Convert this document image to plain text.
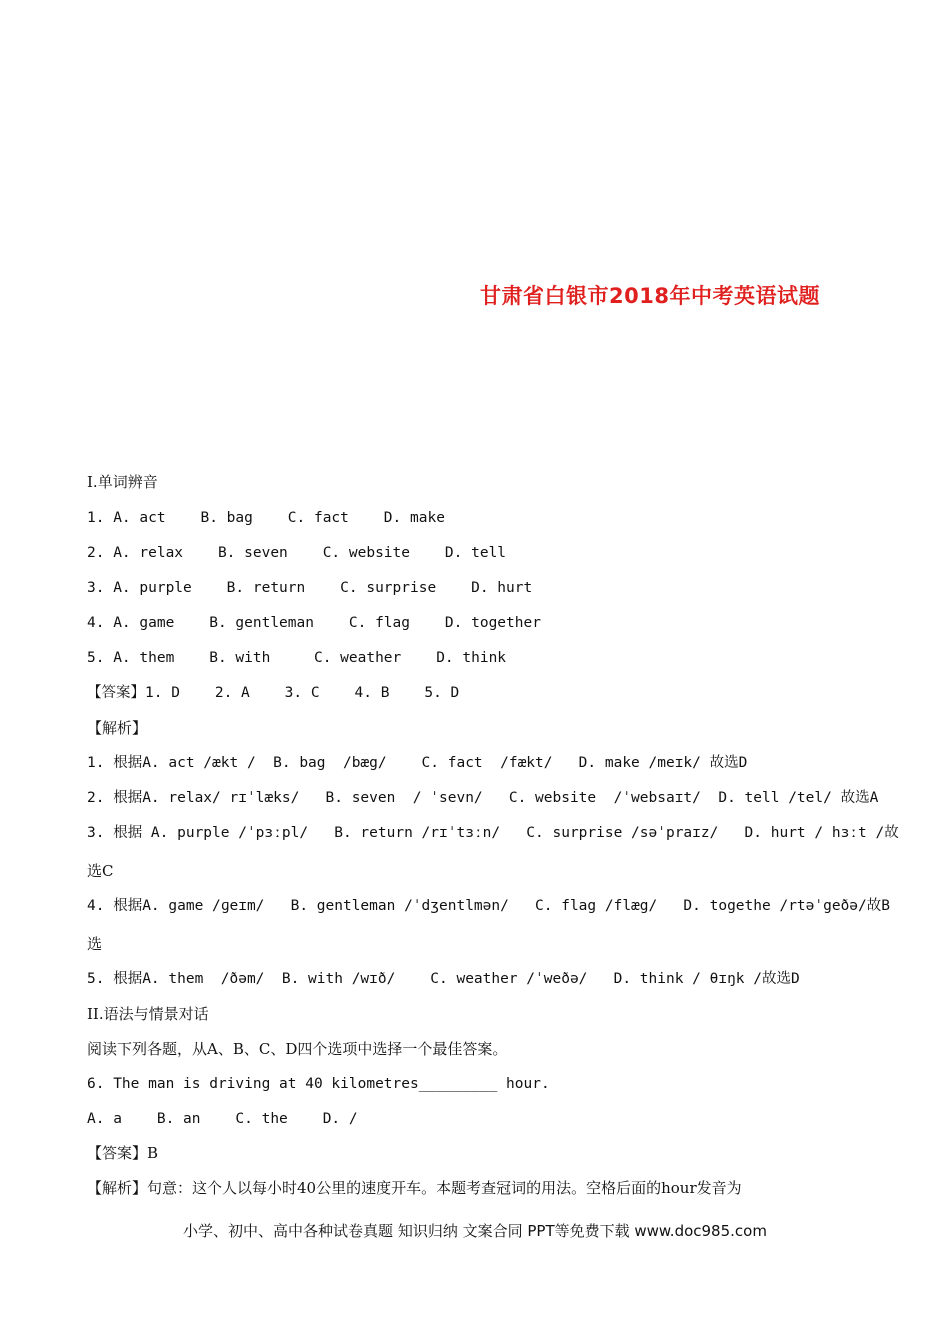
甘肃省白银市2018年中考英语试题
I.单词辨音
1. A. act    B. bag    C. fact    D. make
2. A. relax    B. seven    C. website    D. tell
3. A. purple    B. return    C. surprise    D. hurt
4. A. game    B. gentleman    C. flag    D. together
5. A. them    B. with     C. weather    D. think
【答案】1. D    2. A    3. C    4. B    5. D
【解析】
1. 根据A. act /ækt /  B. bag  /bæg/    C. fact  /fækt/   D. make /meɪk/ 故选D
2. 根据A. relax/ rɪˈlæks/   B. seven  / ˈsevn/   C. website  /ˈwebsaɪt/  D. tell /tel/ 故选A
3. 根据 A. purple /ˈpɜːpl/   B. return /rɪˈtɜːn/   C. surprise /səˈpraɪz/   D. hurt / hɜːt /故
选C
4. 根据A. game /ɡeɪm/   B. gentleman /ˈdʒentlmən/   C. flag /flæg/   D. togethe /rtəˈgeðə/故B
选
5. 根据A. them  /ðəm/  B. with /wɪð/    C. weather /ˈweðə/   D. think / θɪŋk /故选D
II.语法与情景对话
阅读下列各题，从A、B、C、D四个选项中选择一个最佳答案。
6. The man is driving at 40 kilometres_________ hour.
A. a    B. an    C. the    D. /
【答案】B
【解析】句意：这个人以每小时40公里的速度开车。本题考查冠词的用法。空格后面的hour发音为
小学、初中、高中各种试卷真题 知识归纳 文案合同 PPT等免费下载 www.doc985.com
